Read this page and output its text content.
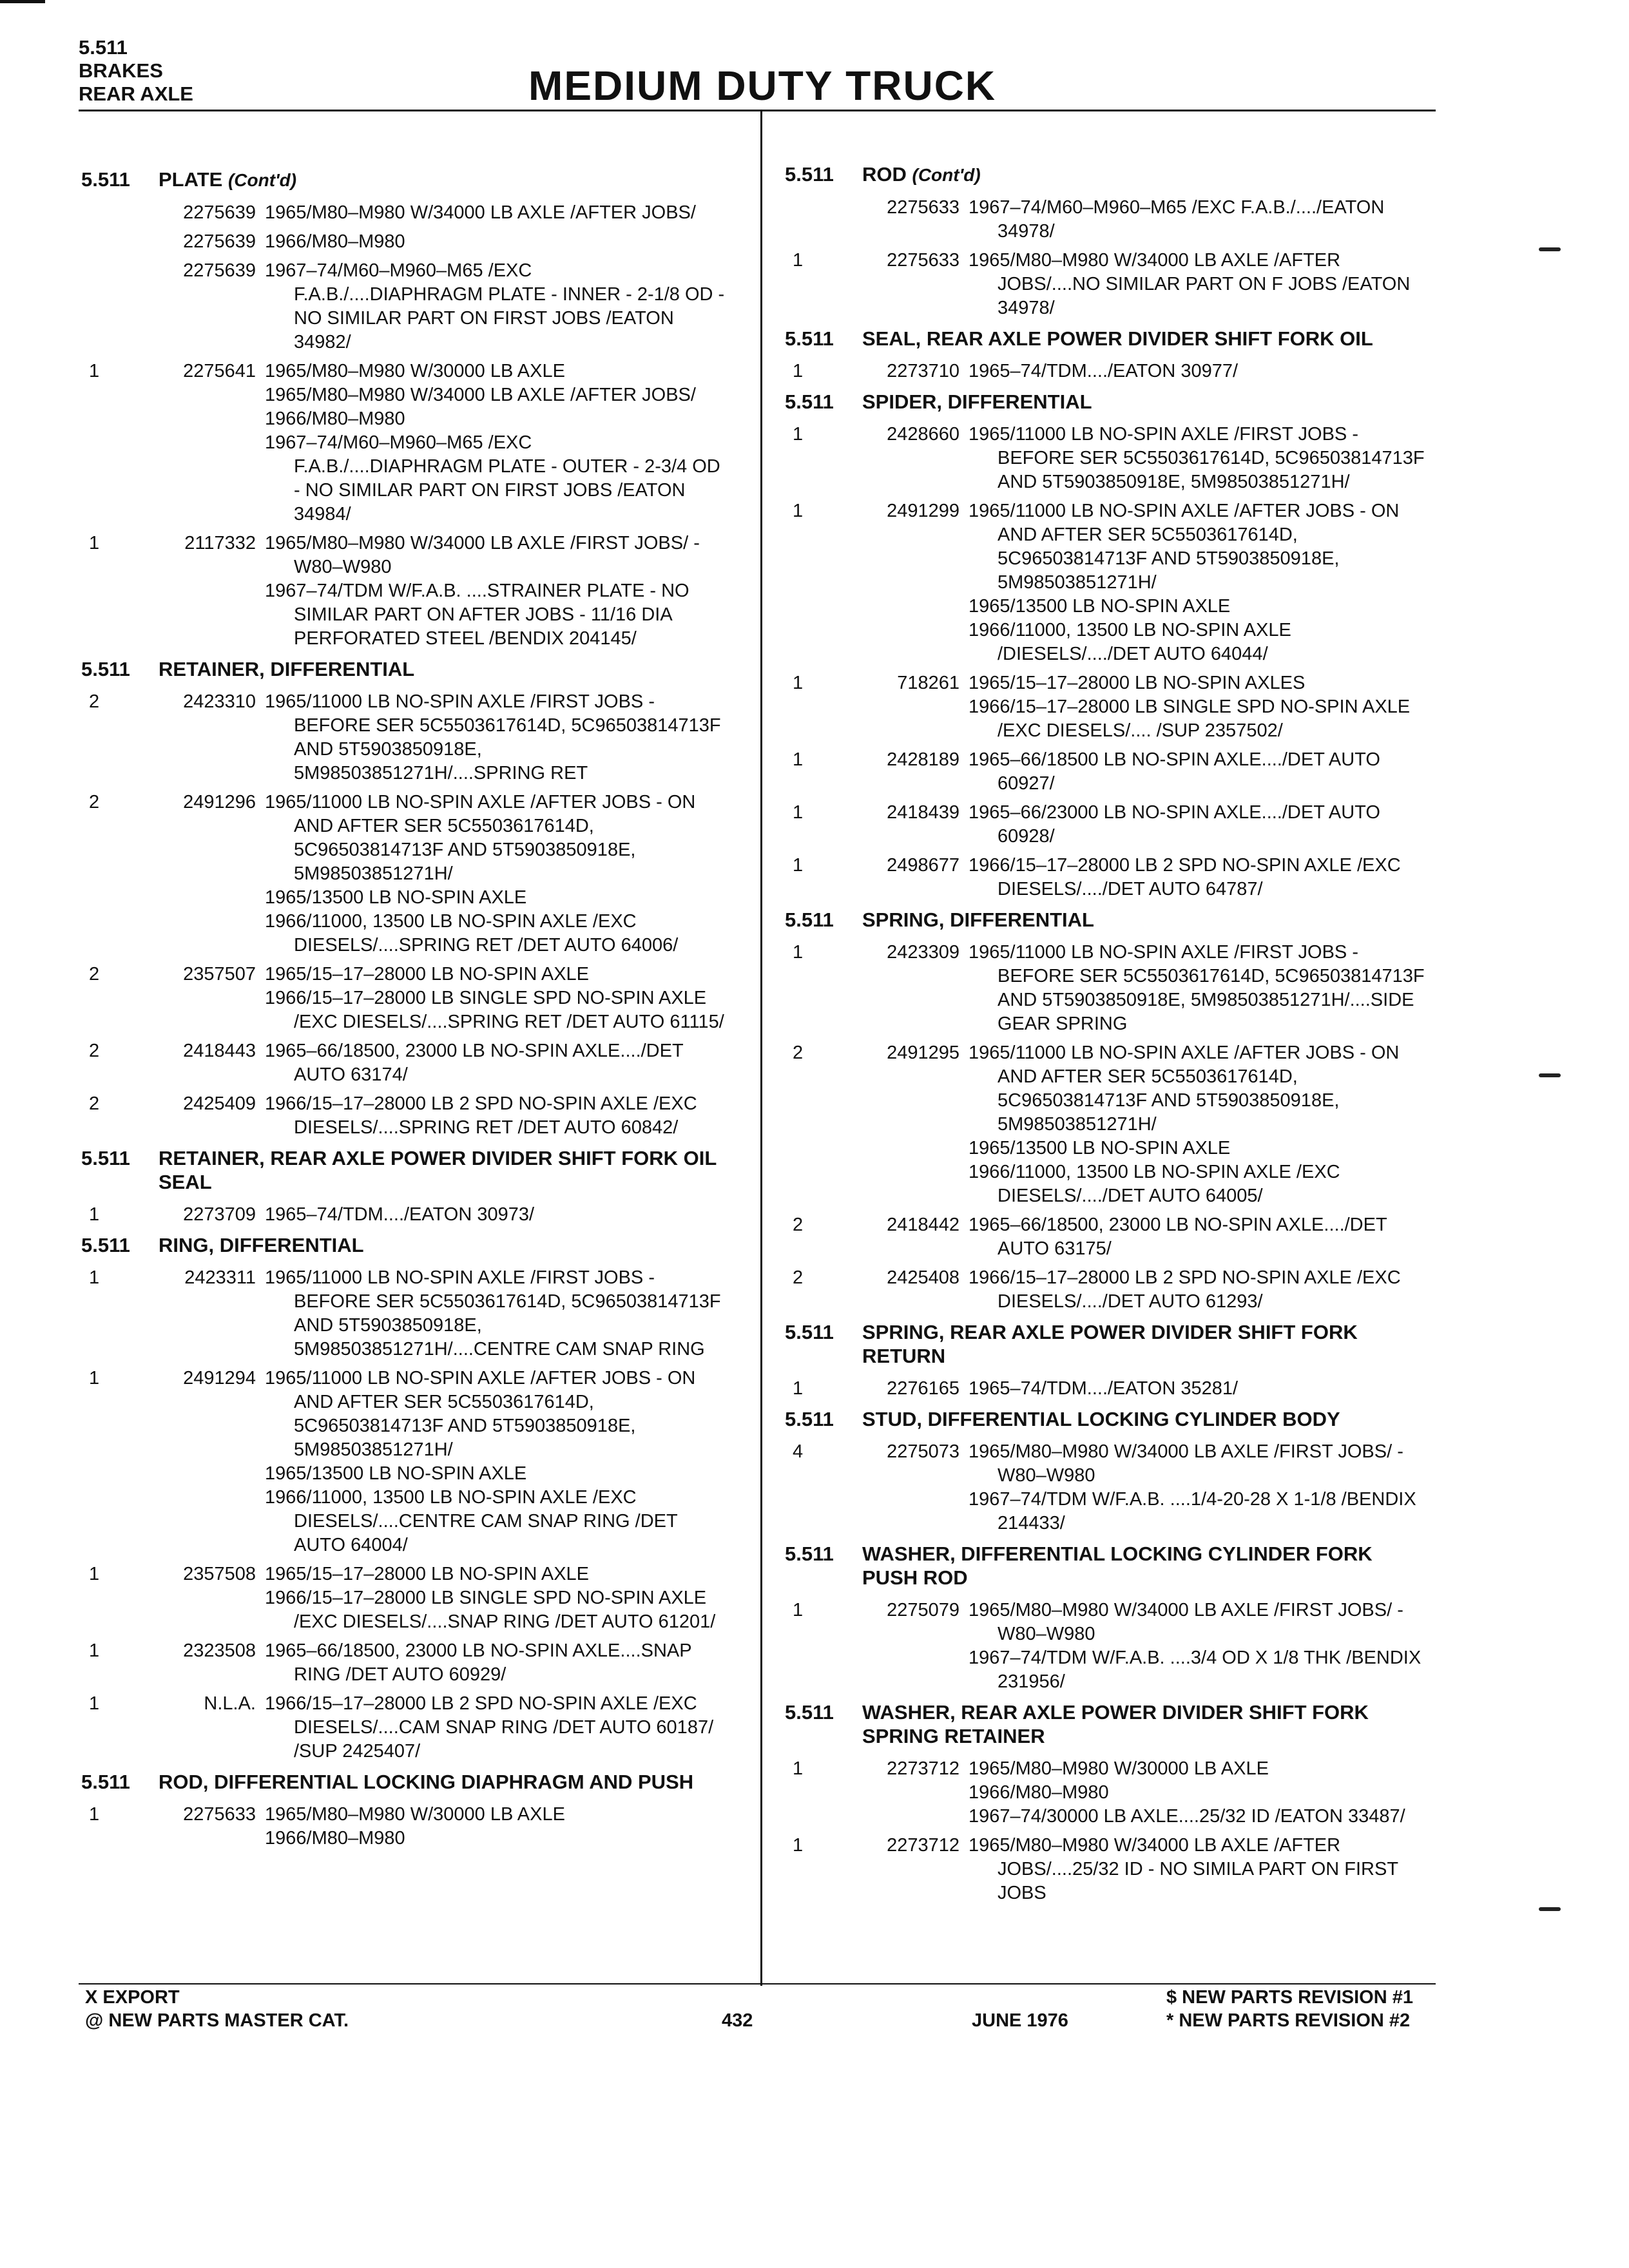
5.511
BRAKES
REAR AXLE	MEDIUM DUTY TRUCK
5.511 PLATE (Cont'd)
2275639 1965/M80–M980 W/34000 LB AXLE /AFTER JOBS/
2275639 1966/M80–M980
2275639 1967–74/M60–M960–M65 /EXC F.A.B./....DIAPHRAGM PLATE - INNER - 2-1/8 OD - NO SIMILAR PART ON FIRST JOBS /EATON 34982/
1	2275641 1965/M80–M980 W/30000 LB AXLE
1965/M80–M980 W/34000 LB AXLE /AFTER JOBS/
1966/M80–M980
1967–74/M60–M960–M65 /EXC F.A.B./....DIAPHRAGM PLATE - OUTER - 2-3/4 OD - NO SIMILAR PART ON FIRST JOBS /EATON 34984/
1	2117332 1965/M80–M980 W/34000 LB AXLE /FIRST JOBS/ -W80–W980
1967–74/TDM W/F.A.B. ....STRAINER PLATE - NO SIMILAR PART ON AFTER JOBS - 11/16 DIA PERFORATED STEEL /BENDIX 204145/
5.511 RETAINER, DIFFERENTIAL
2	2423310 1965/11000 LB NO-SPIN AXLE /FIRST JOBS - BEFORE SER 5C5503617614D, 5C96503814713F AND 5T5903850918E, 5M98503851271H/....SPRING RET
2	2491296 1965/11000 LB NO-SPIN AXLE /AFTER JOBS - ON AND AFTER SER 5C5503617614D, 5C96503814713F AND 5T5903850918E, 5M98503851271H/
1965/13500 LB NO-SPIN AXLE
1966/11000, 13500 LB NO-SPIN AXLE /EXC DIESELS/....SPRING RET /DET AUTO 64006/
2	2357507 1965/15–17–28000 LB NO-SPIN AXLE
1966/15–17–28000 LB SINGLE SPD NO-SPIN AXLE /EXC DIESELS/....SPRING RET /DET AUTO 61115/
2	2418443 1965–66/18500, 23000 LB NO-SPIN AXLE..../DET AUTO 63174/
2	2425409 1966/15–17–28000 LB 2 SPD NO-SPIN AXLE /EXC DIESELS/....SPRING RET /DET AUTO 60842/
5.511 RETAINER, REAR AXLE POWER DIVIDER SHIFT FORK OIL SEAL
1	2273709 1965–74/TDM..../EATON 30973/
5.511 RING, DIFFERENTIAL
1	2423311 1965/11000 LB NO-SPIN AXLE /FIRST JOBS - BEFORE SER 5C5503617614D, 5C96503814713F AND 5T5903850918E, 5M98503851271H/....CENTRE CAM SNAP RING
1	2491294 1965/11000 LB NO-SPIN AXLE /AFTER JOBS - ON AND AFTER SER 5C5503617614D, 5C96503814713F AND 5T5903850918E, 5M98503851271H/
1965/13500 LB NO-SPIN AXLE
1966/11000, 13500 LB NO-SPIN AXLE /EXC DIESELS/....CENTRE CAM SNAP RING /DET AUTO 64004/
1	2357508 1965/15–17–28000 LB NO-SPIN AXLE
1966/15–17–28000 LB SINGLE SPD NO-SPIN AXLE /EXC DIESELS/....SNAP RING /DET AUTO 61201/
1	2323508 1965–66/18500, 23000 LB NO-SPIN AXLE....SNAP RING /DET AUTO 60929/
1	N.L.A. 1966/15–17–28000 LB 2 SPD NO-SPIN AXLE /EXC DIESELS/....CAM SNAP RING /DET AUTO 60187/ /SUP 2425407/
5.511 ROD, DIFFERENTIAL LOCKING DIAPHRAGM AND PUSH
1	2275633 1965/M80–M980 W/30000 LB AXLE
1966/M80–M980
5.511 ROD (Cont'd)
2275633 1967–74/M60–M960–M65 /EXC F.A.B./..../EATON 34978/
1	2275633 1965/M80–M980 W/34000 LB AXLE /AFTER JOBS/....NO SIMILAR PART ON F JOBS /EATON 34978/
5.511 SEAL, REAR AXLE POWER DIVIDER SHIFT FORK OIL
1	2273710 1965–74/TDM..../EATON 30977/
5.511 SPIDER, DIFFERENTIAL
1	2428660 1965/11000 LB NO-SPIN AXLE /FIRST JOBS - BEFORE SER 5C5503617614D, 5C96503814713F AND 5T5903850918E, 5M98503851271H/
1	2491299 1965/11000 LB NO-SPIN AXLE /AFTER JOBS - ON AND AFTER SER 5C5503617614D, 5C96503814713F AND 5T5903850918E, 5M98503851271H/
1965/13500 LB NO-SPIN AXLE
1966/11000, 13500 LB NO-SPIN AXLE /DIESELS/..../DET AUTO 64044/
1	718261 1965/15–17–28000 LB NO-SPIN AXLES
1966/15–17–28000 LB SINGLE SPD NO-SPIN AXLE /EXC DIESELS/.... /SUP 2357502/
1	2428189 1965–66/18500 LB NO-SPIN AXLE..../DET AUTO 60927/
1	2418439 1965–66/23000 LB NO-SPIN AXLE..../DET AUTO 60928/
1	2498677 1966/15–17–28000 LB 2 SPD NO-SPIN AXLE /EXC DIESELS/..../DET AUTO 64787/
5.511 SPRING, DIFFERENTIAL
1	2423309 1965/11000 LB NO-SPIN AXLE /FIRST JOBS - BEFORE SER 5C5503617614D, 5C96503814713F AND 5T5903850918E, 5M98503851271H/....SIDE GEAR SPRING
2	2491295 1965/11000 LB NO-SPIN AXLE /AFTER JOBS - ON AND AFTER SER 5C5503617614D, 5C96503814713F AND 5T5903850918E, 5M98503851271H/
1965/13500 LB NO-SPIN AXLE
1966/11000, 13500 LB NO-SPIN AXLE /EXC DIESELS/..../DET AUTO 64005/
2	2418442 1965–66/18500, 23000 LB NO-SPIN AXLE..../DET AUTO 63175/
2	2425408 1966/15–17–28000 LB 2 SPD NO-SPIN AXLE /EXC DIESELS/..../DET AUTO 61293/
5.511 SPRING, REAR AXLE POWER DIVIDER SHIFT FORK RETURN
1	2276165 1965–74/TDM..../EATON 35281/
5.511 STUD, DIFFERENTIAL LOCKING CYLINDER BODY
4	2275073 1965/M80–M980 W/34000 LB AXLE /FIRST JOBS/ -W80–W980
1967–74/TDM W/F.A.B. ....1/4-20-28 X 1-1/8 /BENDIX 214433/
5.511 WASHER, DIFFERENTIAL LOCKING CYLINDER FORK PUSH ROD
1	2275079 1965/M80–M980 W/34000 LB AXLE /FIRST JOBS/ -W80–W980
1967–74/TDM W/F.A.B. ....3/4 OD X 1/8 THK /BENDIX 231956/
5.511 WASHER, REAR AXLE POWER DIVIDER SHIFT FORK SPRING RETAINER
1	2273712 1965/M80–M980 W/30000 LB AXLE
1966/M80–M980
1967–74/30000 LB AXLE....25/32 ID /EATON 33487/
1	2273712 1965/M80–M980 W/34000 LB AXLE /AFTER JOBS/....25/32 ID - NO SIMILA PART ON FIRST JOBS
X EXPORT
@ NEW PARTS MASTER CAT.	432	JUNE 1976
$ NEW PARTS REVISION #1
* NEW PARTS REVISION #2
